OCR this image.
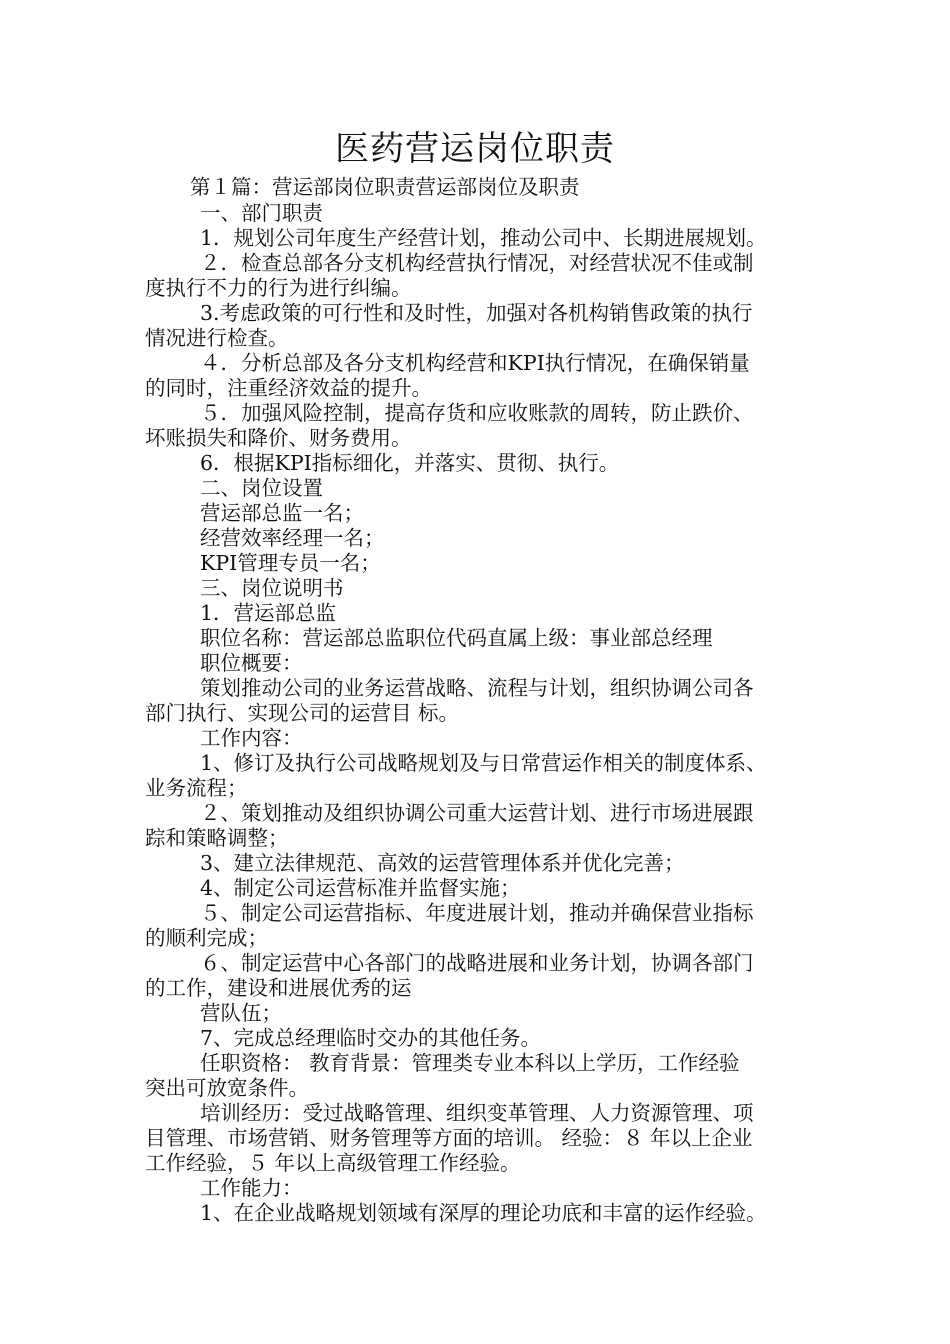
医药营运岗位职责
第１篇：营运部岗位职责营运部岗位及职责
一、部门职责
1．规划公司年度生产经营计划，推动公司中、长期进展规划。
２．检查总部各分支机构经营执行情况，对经营状况不佳或制
度执行不力的行为进行纠编。
3.考虑政策的可行性和及时性，加强对各机构销售政策的执行
情况进行检查。
４．分析总部及各分支机构经营和KPI执行情况，在确保销量
的同时，注重经济效益的提升。
５．加强风险控制，提高存货和应收账款的周转，防止跌价、
坏账损失和降价、财务费用。
6．根据KPI指标细化，并落实、贯彻、执行。
二、岗位设置
营运部总监一名；
经营效率经理一名；
KPI管理专员一名；
三、岗位说明书
1．营运部总监
职位名称：营运部总监职位代码直属上级：事业部总经理
职位概要：
策划推动公司的业务运营战略、流程与计划，组织协调公司各
部门执行、实现公司的运营目 标。
工作内容：
1、修订及执行公司战略规划及与日常营运作相关的制度体系、
业务流程；
２、策划推动及组织协调公司重大运营计划、进行市场进展跟
踪和策略调整；
3、建立法律规范、高效的运营管理体系并优化完善；
4、制定公司运营标准并监督实施；
５、制定公司运营指标、年度进展计划，推动并确保营业指标
的顺利完成；
６、制定运营中心各部门的战略进展和业务计划，协调各部门
的工作，建设和进展优秀的运
营队伍；
7、完成总经理临时交办的其他任务。
任职资格： 教育背景：管理类专业本科以上学历，工作经验
突出可放宽条件。
培训经历：受过战略管理、组织变革管理、人力资源管理、项
目管理、市场营销、财务管理等方面的培训。 经验：８ 年以上企业
工作经验，５ 年以上高级管理工作经验。
工作能力：
1、在企业战略规划领域有深厚的理论功底和丰富的运作经验。
